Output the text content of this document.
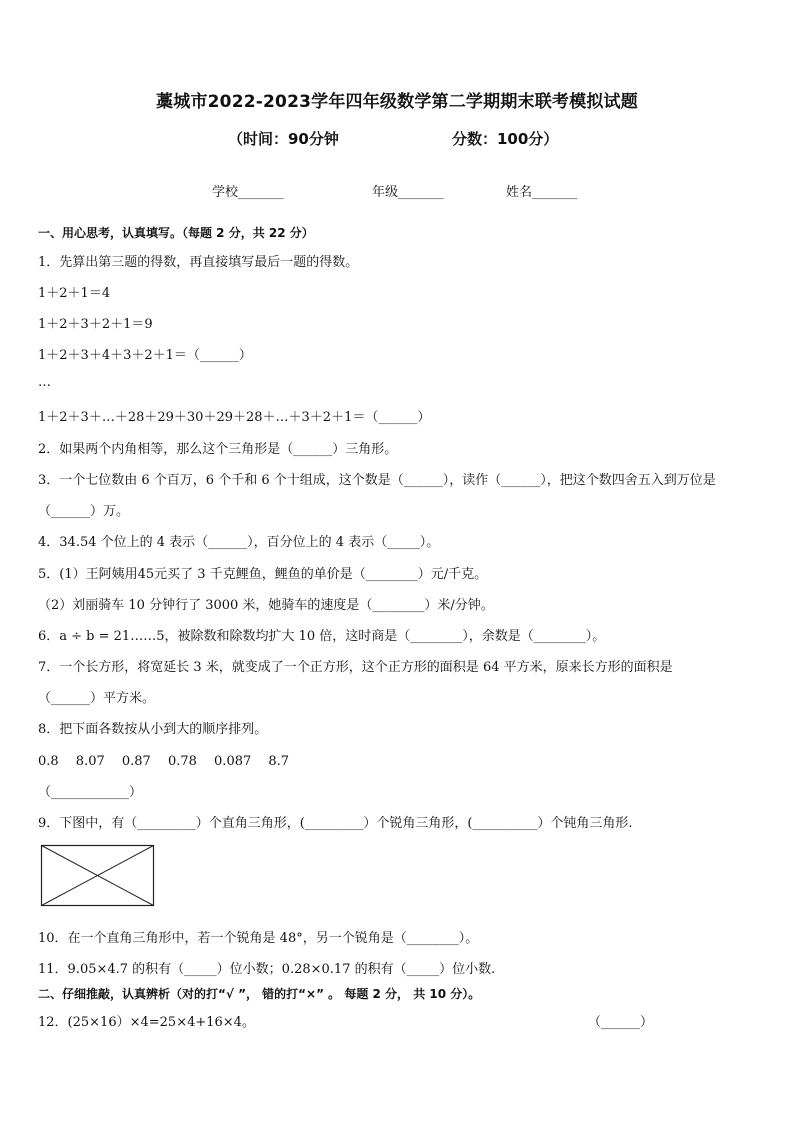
藁城市2022-2023学年四年级数学第二学期期末联考模拟试题
（时间：90分钟	分数：100分）
学校_______	年级_______	姓名_______
一、用心思考，认真填写。（每题 2 分，共 22 分）
1．先算出第三题的得数，再直接填写最后一题的得数。
1＋2＋1＝4
1＋2＋3＋2＋1＝9
1＋2＋3＋4＋3＋2＋1＝（______）
…
1＋2＋3＋…＋28＋29＋30＋29＋28＋…＋3＋2＋1＝（______）
2．如果两个内角相等，那么这个三角形是（______）三角形。
3．一个七位数由 6 个百万，6 个千和 6 个十组成，这个数是（______），读作（______），把这个数四舍五入到万位是
（______）万。
4．34.54 个位上的 4 表示（______），百分位上的 4 表示（_____）。
5．(1）王阿姨用45元买了 3 千克鲤鱼，鲤鱼的单价是（________）元/千克。
（2）刘丽骑车 10 分钟行了 3000 米，她骑车的速度是（________）米/分钟。
6．a ÷ b = 21……5，被除数和除数均扩大 10 倍，这时商是（________），余数是（________）。
7．一个长方形，将宽延长 3 米，就变成了一个正方形，这个正方形的面积是 64 平方米，原来长方形的面积是
（______）平方米。
8．把下面各数按从小到大的顺序排列。
0.8　 8.07　 0.87　 0.78　 0.087　 8.7
（____________）
9．下图中，有（_________）个直角三角形，(_________）个锐角三角形，(__________）个钝角三角形.
10．在一个直角三角形中，若一个锐角是 48°，另一个锐角是（________）。
11．9.05×4.7 的积有（_____）位小数；0.28×0.17 的积有（_____）位小数.
二、仔细推敲，认真辨析（对的打“√ ”， 错的打“×” 。 每题 2 分， 共 10 分）。
12．(25×16）×4=25×4+16×4。	（______）
